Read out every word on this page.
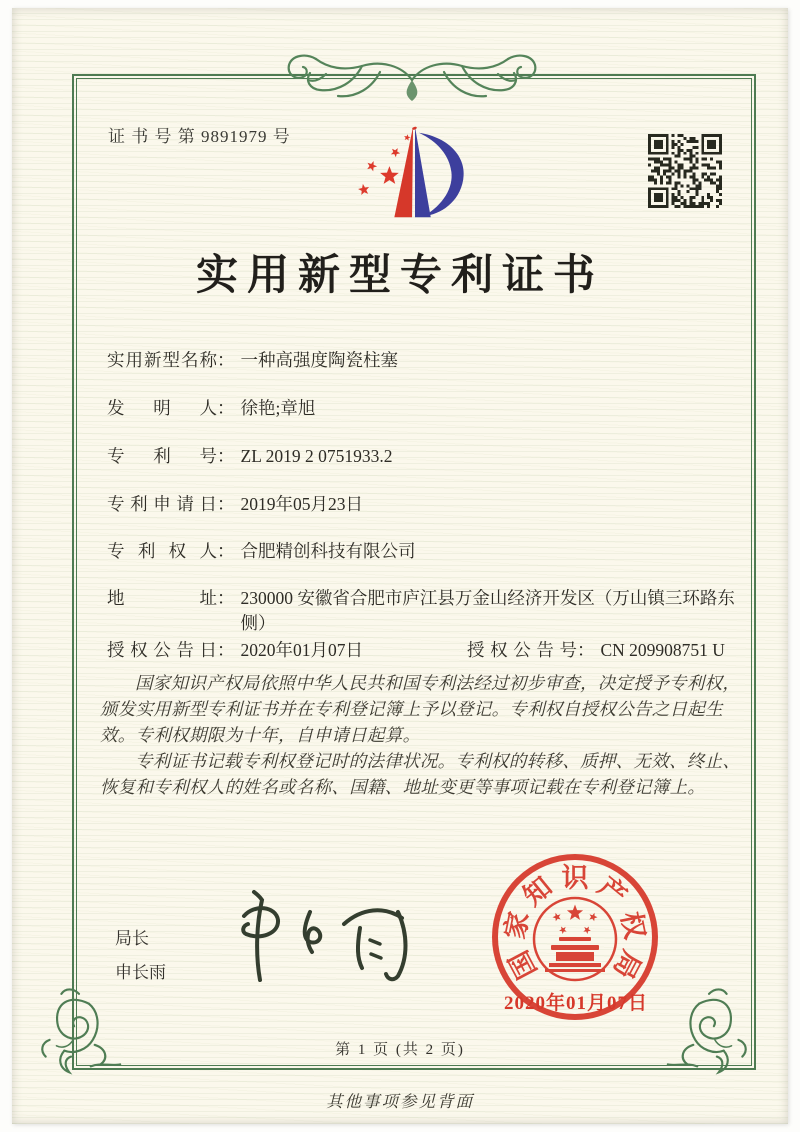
证 书 号 第 9891979 号
实用新型专利证书
实用新型名称： 一种高强度陶瓷柱塞
发明人： 徐艳;章旭
专利号： ZL 2019 2 0751933.2
专利申请日： 2019年05月23日
专利权人： 合肥精创科技有限公司
地址： 230000 安徽省合肥市庐江县万金山经济开发区（万山镇三环路东侧）
授权公告日： 2020年01月07日	授权公告号： CN 209908751 U

国家知识产权局依照中华人民共和国专利法经过初步审查，决定授予专利权，颁发实用新型专利证书并在专利登记簿上予以登记。专利权自授权公告之日起生效。专利权期限为十年，自申请日起算。

专利证书记载专利权登记时的法律状况。专利权的转移、质押、无效、终止、恢复和专利权人的姓名或名称、国籍、地址变更等事项记载在专利登记簿上。

局长
申长雨	国
家
知 识 产
权
局
2020年01月07日
第 1 页 (共 2 页)
其他事项参见背面
